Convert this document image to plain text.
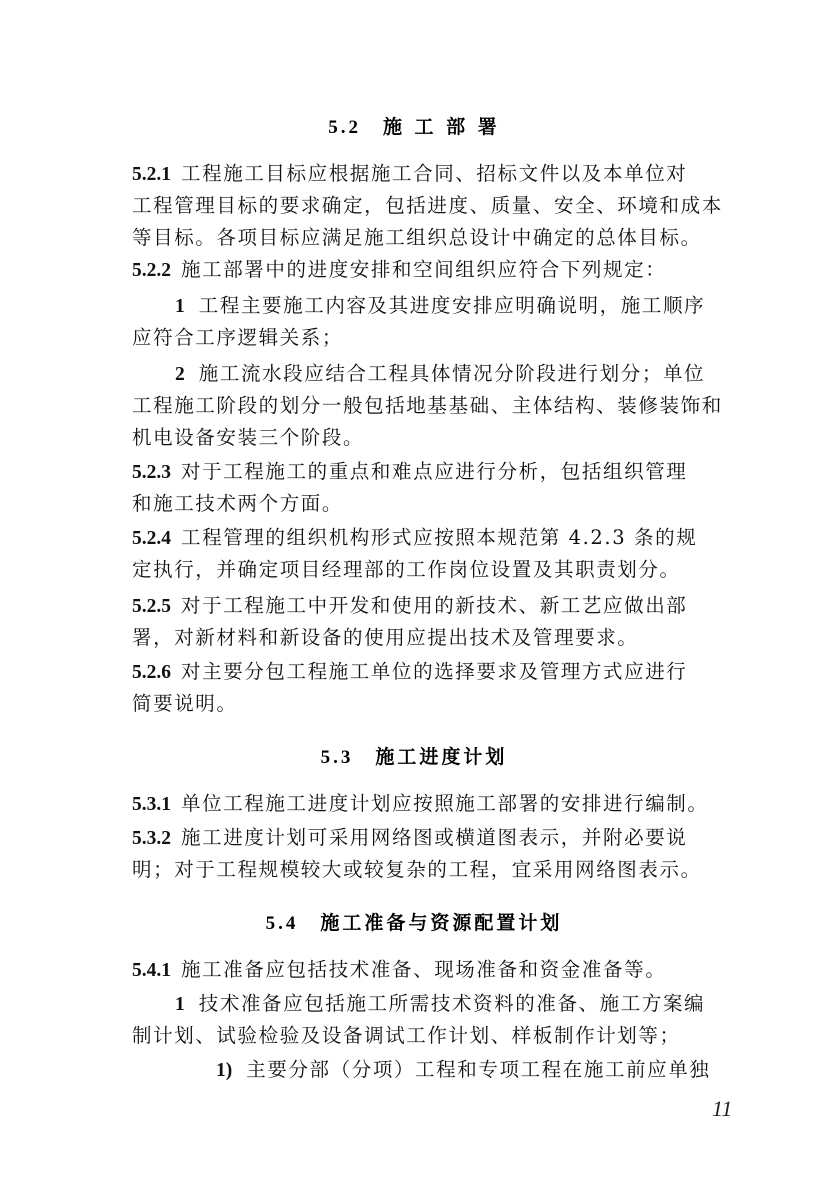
5.2 施 工 部 署
5.2.1 工程施工目标应根据施工合同、招标文件以及本单位对
工程管理目标的要求确定，包括进度、质量、安全、环境和成本
等目标。各项目标应满足施工组织总设计中确定的总体目标。
5.2.2 施工部署中的进度安排和空间组织应符合下列规定：
1 工程主要施工内容及其进度安排应明确说明，施工顺序
应符合工序逻辑关系；
2 施工流水段应结合工程具体情况分阶段进行划分；单位
工程施工阶段的划分一般包括地基基础、主体结构、装修装饰和
机电设备安装三个阶段。
5.2.3 对于工程施工的重点和难点应进行分析，包括组织管理
和施工技术两个方面。
5.2.4 工程管理的组织机构形式应按照本规范第 4.2.3 条的规
定执行，并确定项目经理部的工作岗位设置及其职责划分。
5.2.5 对于工程施工中开发和使用的新技术、新工艺应做出部
署，对新材料和新设备的使用应提出技术及管理要求。
5.2.6 对主要分包工程施工单位的选择要求及管理方式应进行
简要说明。
5.3 施工进度计划
5.3.1 单位工程施工进度计划应按照施工部署的安排进行编制。
5.3.2 施工进度计划可采用网络图或横道图表示，并附必要说
明；对于工程规模较大或较复杂的工程，宜采用网络图表示。
5.4 施工准备与资源配置计划
5.4.1 施工准备应包括技术准备、现场准备和资金准备等。
1 技术准备应包括施工所需技术资料的准备、施工方案编
制计划、试验检验及设备调试工作计划、样板制作计划等；
1) 主要分部（分项）工程和专项工程在施工前应单独
11
